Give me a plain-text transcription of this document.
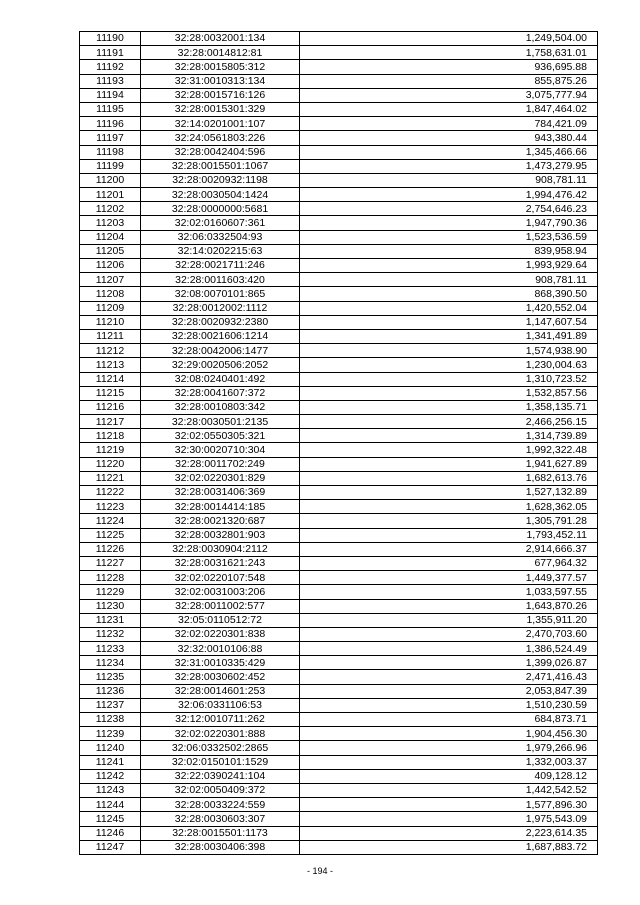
11190	32:28:0032001:134	1,249,504.00
11191	32:28:0014812:81	1,758,631.01
11192	32:28:0015805:312	936,695.88
11193	32:31:0010313:134	855,875.26
11194	32:28:0015716:126	3,075,777.94
11195	32:28:0015301:329	1,847,464.02
11196	32:14:0201001:107	784,421.09
11197	32:24:0561803:226	943,380.44
11198	32:28:0042404:596	1,345,466.66
11199	32:28:0015501:1067	1,473,279.95
11200	32:28:0020932:1198	908,781.11
11201	32:28:0030504:1424	1,994,476.42
11202	32:28:0000000:5681	2,754,646.23
11203	32:02:0160607:361	1,947,790.36
11204	32:06:0332504:93	1,523,536.59
11205	32:14:0202215:63	839,958.94
11206	32:28:0021711:246	1,993,929.64
11207	32:28:0011603:420	908,781.11
11208	32:08:0070101:865	868,390.50
11209	32:28:0012002:1112	1,420,552.04
11210	32:28:0020932:2380	1,147,607.54
11211	32:28:0021606:1214	1,341,491.89
11212	32:28:0042006:1477	1,574,938.90
11213	32:29:0020506:2052	1,230,004.63
11214	32:08:0240401:492	1,310,723.52
11215	32:28:0041607:372	1,532,857.56
11216	32:28:0010803:342	1,358,135.71
11217	32:28:0030501:2135	2,466,256.15
11218	32:02:0550305:321	1,314,739.89
11219	32:30:0020710:304	1,992,322.48
11220	32:28:0011702:249	1,941,627.89
11221	32:02:0220301:829	1,682,613.76
11222	32:28:0031406:369	1,527,132.89
11223	32:28:0014414:185	1,628,362.05
11224	32:28:0021320:687	1,305,791.28
11225	32:28:0032801:903	1,793,452.11
11226	32:28:0030904:2112	2,914,666.37
11227	32:28:0031621:243	677,964.32
11228	32:02:0220107:548	1,449,377.57
11229	32:02:0031003:206	1,033,597.55
11230	32:28:0011002:577	1,643,870.26
11231	32:05:0110512:72	1,355,911.20
11232	32:02:0220301:838	2,470,703.60
11233	32:32:0010106:88	1,386,524.49
11234	32:31:0010335:429	1,399,026.87
11235	32:28:0030602:452	2,471,416.43
11236	32:28:0014601:253	2,053,847.39
11237	32:06:0331106:53	1,510,230.59
11238	32:12:0010711:262	684,873.71
11239	32:02:0220301:888	1,904,456.30
11240	32:06:0332502:2865	1,979,266.96
11241	32:02:0150101:1529	1,332,003.37
11242	32:22:0390241:104	409,128.12
11243	32:02:0050409:372	1,442,542.52
11244	32:28:0033224:559	1,577,896.30
11245	32:28:0030603:307	1,975,543.09
11246	32:28:0015501:1173	2,223,614.35
11247	32:28:0030406:398	1,687,883.72
- 194 -
